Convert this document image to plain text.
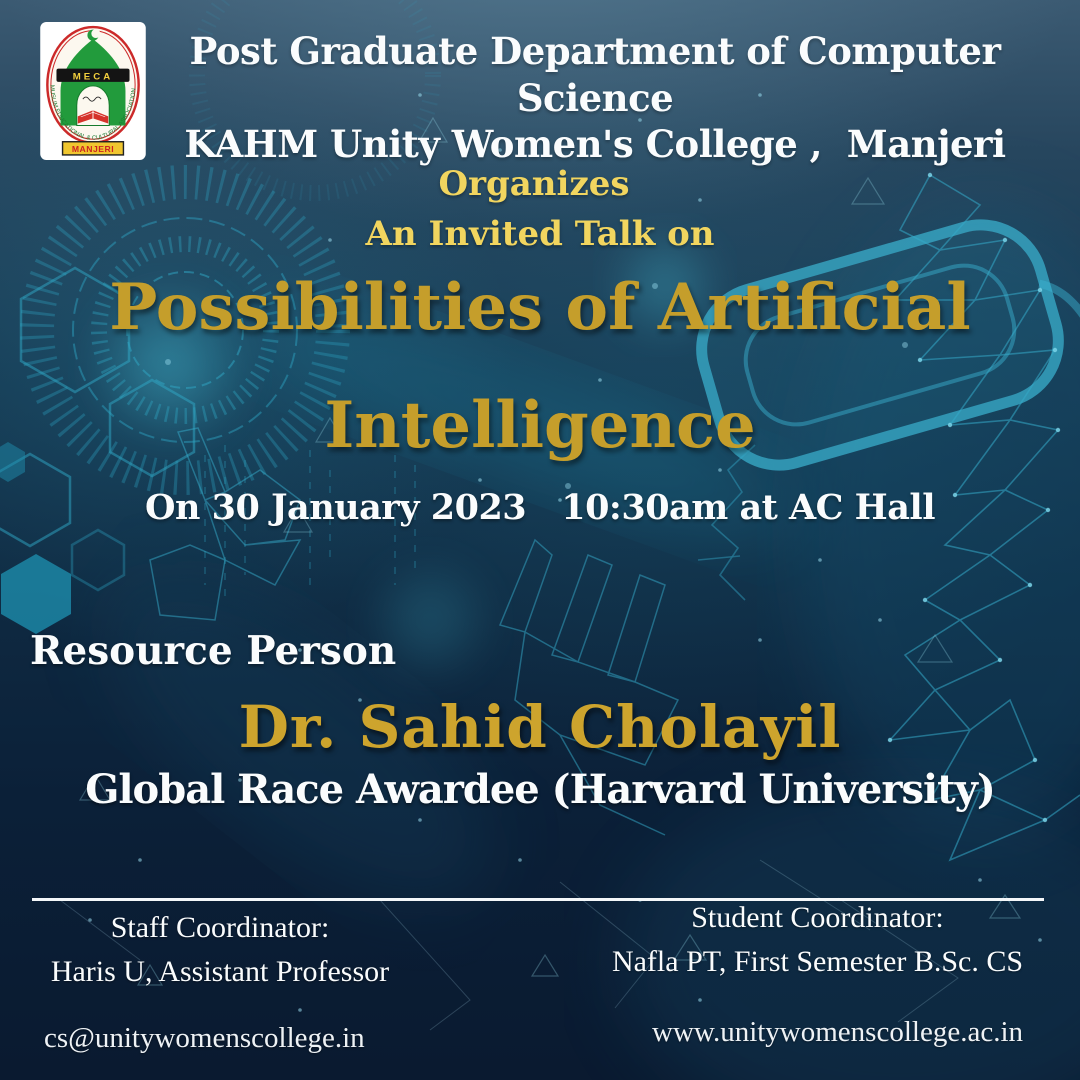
MECA
MUSLIM EDUCATIONAL & CULTURAL ASSOCIATION
MANJERI
Post Graduate Department of Computer Science
KAHM Unity Women's College ,  Manjeri
Organizes
An Invited Talk on
Possibilities of Artificial
Intelligence
On 30 January 2023   10:30am at AC Hall
Resource Person
Dr. Sahid Cholayil
Global Race Awardee (Harvard University)
Staff Coordinator:
Haris U, Assistant Professor
Student Coordinator:
Nafla PT, First Semester B.Sc. CS
cs@unitywomenscollege.in	www.unitywomenscollege.ac.in
